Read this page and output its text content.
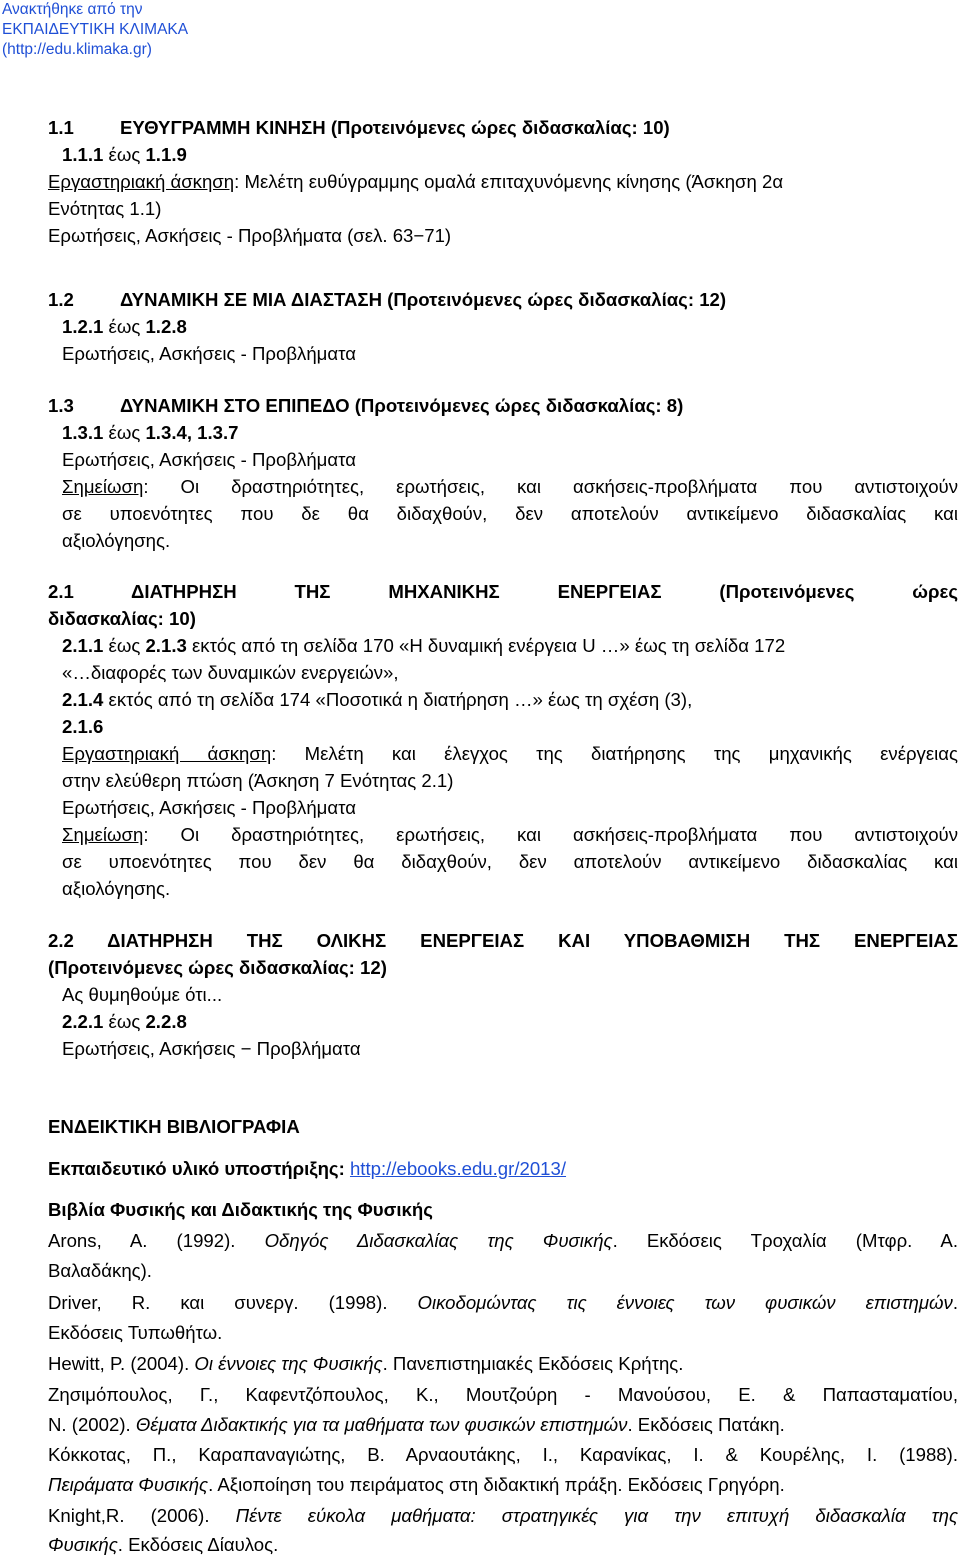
Ανακτήθηκε από την
ΕΚΠΑΙΔΕΥΤΙΚΗ ΚΛΙΜΑΚΑ
(http://edu.klimaka.gr)
1.1 ΕΥΘΥΓΡΑΜΜΗ ΚΙΝΗΣΗ (Προτεινόμενες ώρες διδασκαλίας: 10)
1.1.1 έως 1.1.9
Εργαστηριακή άσκηση: Μελέτη ευθύγραμμης ομαλά επιταχυνόμενης κίνησης (Άσκηση 2α
Ενότητας 1.1)
Ερωτήσεις, Ασκήσεις - Προβλήματα (σελ. 63−71)
1.2 ΔΥΝΑΜΙΚΗ ΣΕ ΜΙΑ ΔΙΑΣΤΑΣΗ (Προτεινόμενες ώρες διδασκαλίας: 12)
1.2.1 έως 1.2.8
Ερωτήσεις, Ασκήσεις - Προβλήματα
1.3 ΔΥΝΑΜΙΚΗ ΣΤΟ ΕΠΙΠΕΔΟ (Προτεινόμενες ώρες διδασκαλίας: 8)
1.3.1 έως 1.3.4, 1.3.7
Ερωτήσεις, Ασκήσεις - Προβλήματα
Σημείωση: Οι δραστηριότητες, ερωτήσεις, και ασκήσεις-προβλήματα που αντιστοιχούν
σε υποενότητες που δε θα διδαχθούν, δεν αποτελούν αντικείμενο διδασκαλίας και
αξιολόγησης.
2.1 ΔΙΑΤΗΡΗΣΗ ΤΗΣ ΜΗΧΑΝΙΚΗΣ ΕΝΕΡΓΕΙΑΣ (Προτεινόμενες ώρες
διδασκαλίας: 10)
2.1.1 έως 2.1.3 εκτός από τη σελίδα 170 «Η δυναμική ενέργεια U …» έως τη σελίδα 172
«…διαφορές των δυναμικών ενεργειών»,
2.1.4 εκτός από τη σελίδα 174 «Ποσοτικά η διατήρηση …» έως τη σχέση (3),
2.1.6
Εργαστηριακή άσκηση: Μελέτη και έλεγχος της διατήρησης της μηχανικής ενέργειας
στην ελεύθερη πτώση (Άσκηση 7 Ενότητας 2.1)
Ερωτήσεις, Ασκήσεις - Προβλήματα
Σημείωση: Οι δραστηριότητες, ερωτήσεις, και ασκήσεις-προβλήματα που αντιστοιχούν
σε υποενότητες που δεν θα διδαχθούν, δεν αποτελούν αντικείμενο διδασκαλίας και
αξιολόγησης.
2.2 ΔΙΑΤΗΡΗΣΗ ΤΗΣ ΟΛΙΚΗΣ ΕΝΕΡΓΕΙΑΣ ΚΑΙ ΥΠΟΒΑΘΜΙΣΗ ΤΗΣ ΕΝΕΡΓΕΙΑΣ
(Προτεινόμενες ώρες διδασκαλίας: 12)
Ας θυμηθούμε ότι...
2.2.1 έως 2.2.8
Ερωτήσεις, Ασκήσεις − Προβλήματα
ΕΝΔΕΙΚΤΙΚΗ ΒΙΒΛΙΟΓΡΑΦΙΑ
Εκπαιδευτικό υλικό υποστήριξης: http://ebooks.edu.gr/2013/
Βιβλία Φυσικής και Διδακτικής της Φυσικής
Arons, A. (1992). Οδηγός Διδασκαλίας της Φυσικής. Εκδόσεις Τροχαλία (Μτφρ. Α.
Βαλαδάκης).
Driver, R. και συνεργ. (1998). Οικοδομώντας τις έννοιες των φυσικών επιστημών.
Εκδόσεις Τυπωθήτω.
Hewitt, P. (2004). Οι έννοιες της Φυσικής. Πανεπιστημιακές Εκδόσεις Κρήτης.
Ζησιμόπουλος, Γ., Καφεντζόπουλος, Κ., Μουτζούρη - Μανούσου, Ε. & Παπασταματίου,
Ν. (2002). Θέματα Διδακτικής για τα μαθήματα των φυσικών επιστημών. Εκδόσεις Πατάκη.
Κόκκοτας, Π., Καραπαναγιώτης, Β. Αρναουτάκης, Ι., Καρανίκας, Ι. & Κουρέλης, Ι. (1988).
Πειράματα Φυσικής. Αξιοποίηση του πειράματος στη διδακτική πράξη. Εκδόσεις Γρηγόρη.
Knight,R. (2006). Πέντε εύκολα μαθήματα: στρατηγικές για την επιτυχή διδασκαλία της
Φυσικής. Εκδόσεις Δίαυλος.
